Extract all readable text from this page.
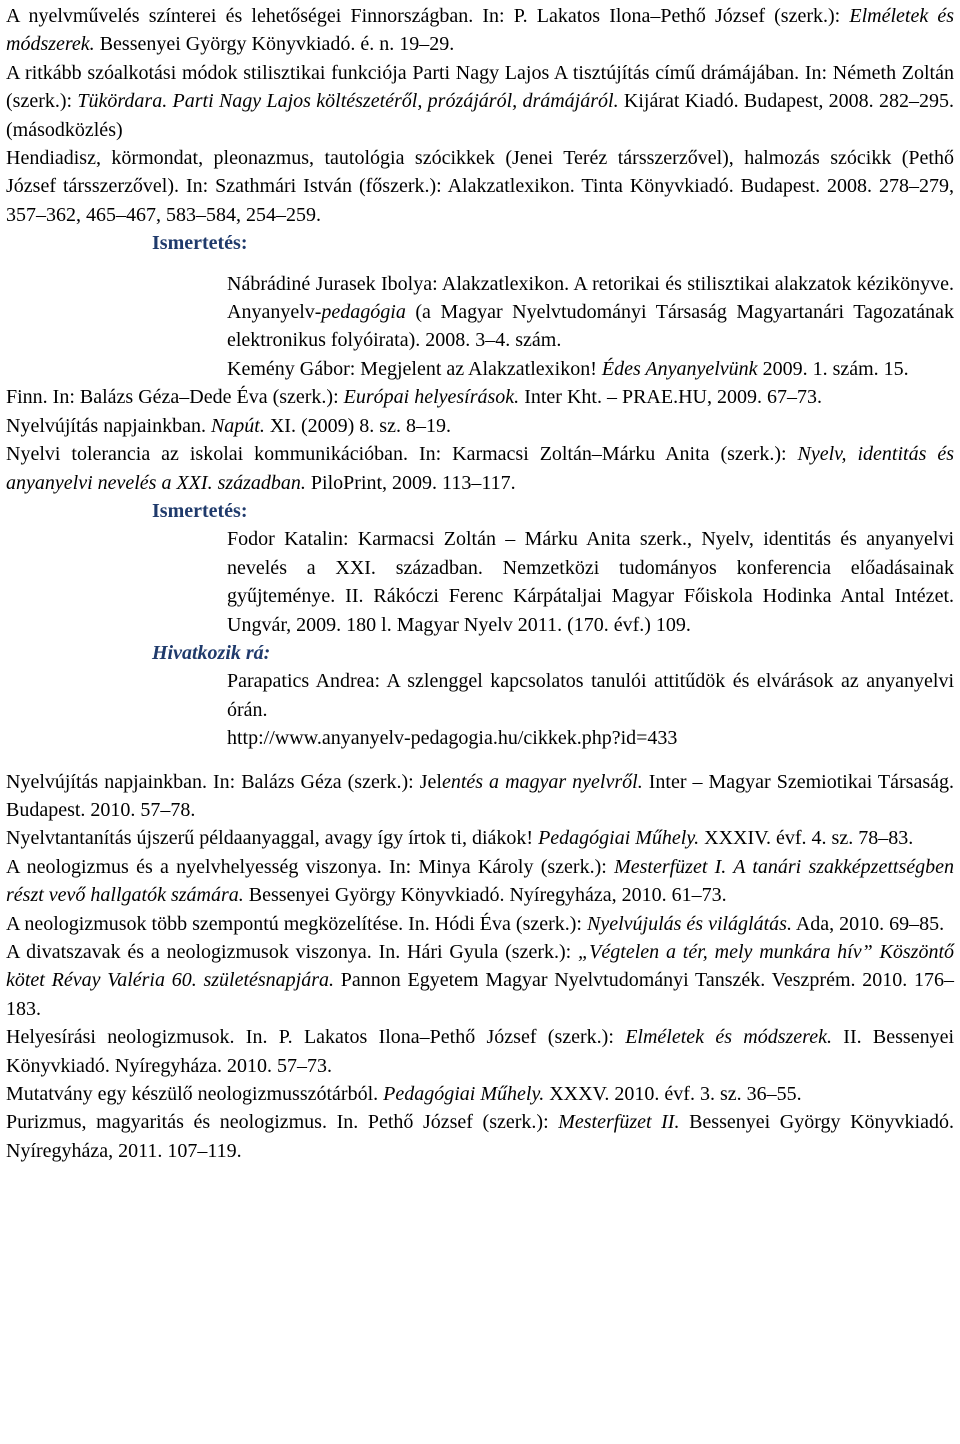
A nyelvművelés színterei és lehetőségei Finnországban. In: P. Lakatos Ilona–Pethő József (szerk.): Elméletek és módszerek. Bessenyei György Könyvkiadó. é. n. 19–29.

A ritkább szóalkotási módok stilisztikai funkciója Parti Nagy Lajos A tisztújítás című drámájában. In: Németh Zoltán (szerk.): Tükördara. Parti Nagy Lajos költészetéről, prózájáról, drámájáról. Kijárat Kiadó. Budapest, 2008. 282–295. (másodközlés)

Hendiadisz, körmondat, pleonazmus, tautológia szócikkek (Jenei Teréz társszerzővel), halmozás szócikk (Pethő József társszerzővel). In: Szathmári István (főszerk.): Alakzatlexikon. Tinta Könyvkiadó. Budapest. 2008. 278–279, 357–362, 465–467, 583–584, 254–259.

Ismertetés:

Nábrádiné Jurasek Ibolya: Alakzatlexikon. A retorikai és stilisztikai alakzatok kézikönyve. Anyanyelv-pedagógia (a Magyar Nyelvtudományi Társaság Magyartanári Tagozatának elektronikus folyóirata). 2008. 3–4. szám.

Kemény Gábor: Megjelent az Alakzatlexikon! Édes Anyanyelvünk 2009. 1. szám. 15.

Finn. In: Balázs Géza–Dede Éva (szerk.): Európai helyesírások. Inter Kht. – PRAE.HU, 2009. 67–73.

Nyelvújítás napjainkban. Napút. XI. (2009) 8. sz. 8–19.

Nyelvi tolerancia az iskolai kommunikációban. In: Karmacsi Zoltán–Márku Anita (szerk.): Nyelv, identitás és anyanyelvi nevelés a XXI. században. PiloPrint, 2009. 113–117.

Ismertetés:

Fodor Katalin: Karmacsi Zoltán – Márku Anita szerk., Nyelv, identitás és anyanyelvi nevelés a XXI. században. Nemzetközi tudományos konferencia előadásainak gyűjteménye. II. Rákóczi Ferenc Kárpátaljai Magyar Főiskola Hodinka Antal Intézet. Ungvár, 2009. 180 l. Magyar Nyelv 2011. (170. évf.) 109.

Hivatkozik rá:

Parapatics Andrea: A szlenggel kapcsolatos tanulói attitűdök és elvárások az anyanyelvi órán.

http://www.anyanyelv-pedagogia.hu/cikkek.php?id=433

Nyelvújítás napjainkban. In: Balázs Géza (szerk.): Jelentés a magyar nyelvről. Inter – Magyar Szemiotikai Társaság. Budapest. 2010. 57–78.

Nyelvtantanítás újszerű példaanyaggal, avagy így írtok ti, diákok! Pedagógiai Műhely. XXXIV. évf. 4. sz. 78–83.

A neologizmus és a nyelvhelyesség viszonya. In: Minya Károly (szerk.): Mesterfüzet I. A tanári szakképzettségben részt vevő hallgatók számára. Bessenyei György Könyvkiadó. Nyíregyháza, 2010. 61–73.

A neologizmusok több szempontú megközelítése. In. Hódi Éva (szerk.): Nyelvújulás és világlátás. Ada, 2010. 69–85.

A divatszavak és a neologizmusok viszonya. In. Hári Gyula (szerk.): „Végtelen a tér, mely munkára hív” Köszöntő kötet Révay Valéria 60. születésnapjára. Pannon Egyetem Magyar Nyelvtudományi Tanszék. Veszprém. 2010. 176–183.

Helyesírási neologizmusok. In. P. Lakatos Ilona–Pethő József (szerk.): Elméletek és módszerek. II. Bessenyei Könyvkiadó. Nyíregyháza. 2010. 57–73.

Mutatvány egy készülő neologizmusszótárból. Pedagógiai Műhely. XXXV. 2010. évf. 3. sz. 36–55.

Purizmus, magyaritás és neologizmus. In. Pethő József (szerk.): Mesterfüzet II. Bessenyei György Könyvkiadó. Nyíregyháza, 2011. 107–119.
